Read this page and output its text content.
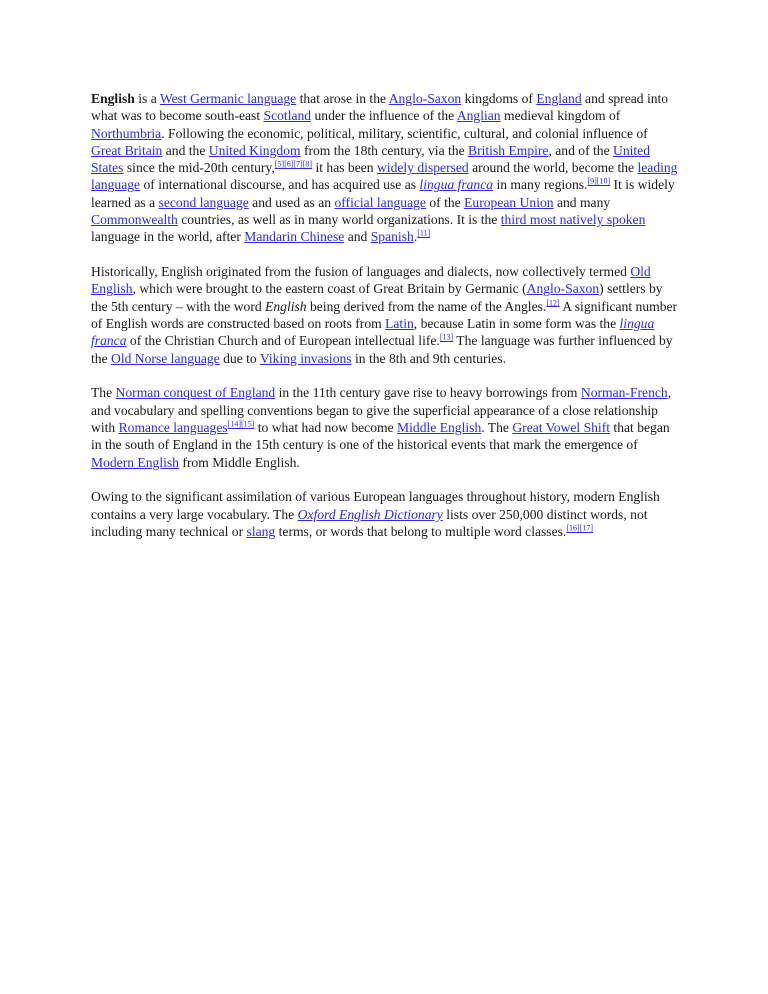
English is a West Germanic language that arose in the Anglo-Saxon kingdoms of England and spread into what was to become south-east Scotland under the influence of the Anglian medieval kingdom of Northumbria. Following the economic, political, military, scientific, cultural, and colonial influence of Great Britain and the United Kingdom from the 18th century, via the British Empire, and of the United States since the mid-20th century,[5][6][7][8] it has been widely dispersed around the world, become the leading language of international discourse, and has acquired use as lingua franca in many regions.[9][10] It is widely learned as a second language and used as an official language of the European Union and many Commonwealth countries, as well as in many world organizations. It is the third most natively spoken language in the world, after Mandarin Chinese and Spanish.[11]

Historically, English originated from the fusion of languages and dialects, now collectively termed Old English, which were brought to the eastern coast of Great Britain by Germanic (Anglo-Saxon) settlers by the 5th century – with the word English being derived from the name of the Angles.[12] A significant number of English words are constructed based on roots from Latin, because Latin in some form was the lingua franca of the Christian Church and of European intellectual life.[13] The language was further influenced by the Old Norse language due to Viking invasions in the 8th and 9th centuries.

The Norman conquest of England in the 11th century gave rise to heavy borrowings from Norman-French, and vocabulary and spelling conventions began to give the superficial appearance of a close relationship with Romance languages[14][15] to what had now become Middle English. The Great Vowel Shift that began in the south of England in the 15th century is one of the historical events that mark the emergence of Modern English from Middle English.

Owing to the significant assimilation of various European languages throughout history, modern English contains a very large vocabulary. The Oxford English Dictionary lists over 250,000 distinct words, not including many technical or slang terms, or words that belong to multiple word classes.[16][17]
